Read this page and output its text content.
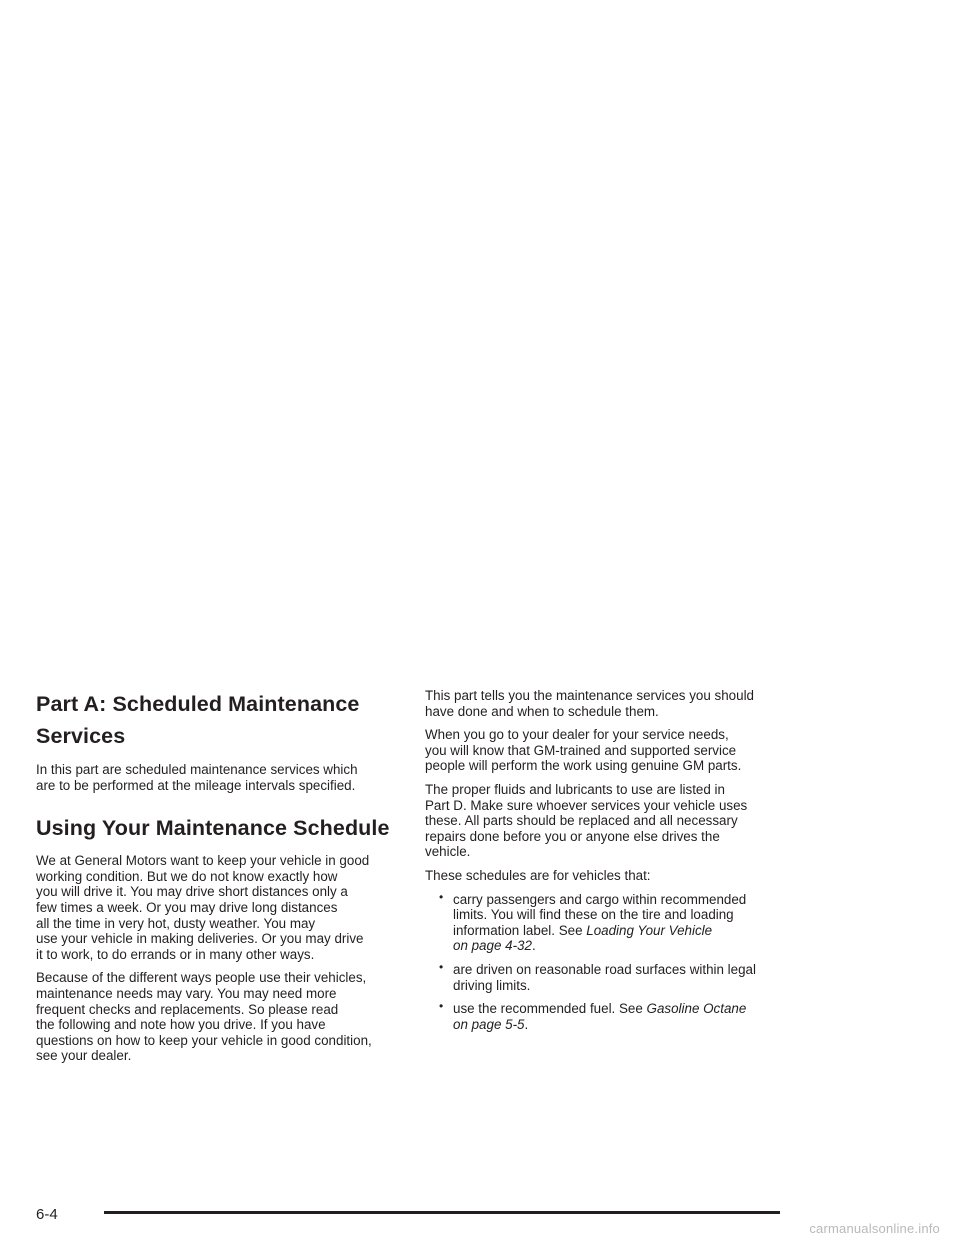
Part A: Scheduled Maintenance
Services

In this part are scheduled maintenance services which
are to be performed at the mileage intervals specified.

Using Your Maintenance Schedule

We at General Motors want to keep your vehicle in good
working condition. But we do not know exactly how
you will drive it. You may drive short distances only a
few times a week. Or you may drive long distances
all the time in very hot, dusty weather. You may
use your vehicle in making deliveries. Or you may drive
it to work, to do errands or in many other ways.

Because of the different ways people use their vehicles,
maintenance needs may vary. You may need more
frequent checks and replacements. So please read
the following and note how you drive. If you have
questions on how to keep your vehicle in good condition,
see your dealer.

This part tells you the maintenance services you should
have done and when to schedule them.

When you go to your dealer for your service needs,
you will know that GM-trained and supported service
people will perform the work using genuine GM parts.

The proper fluids and lubricants to use are listed in
Part D. Make sure whoever services your vehicle uses
these. All parts should be replaced and all necessary
repairs done before you or anyone else drives the
vehicle.

These schedules are for vehicles that:

• carry passengers and cargo within recommended
limits. You will find these on the tire and loading
information label. See Loading Your Vehicle
on page 4-32.
• are driven on reasonable road surfaces within legal
driving limits.
• use the recommended fuel. See Gasoline Octane
on page 5-5.
6-4
carmanualsonline.info
